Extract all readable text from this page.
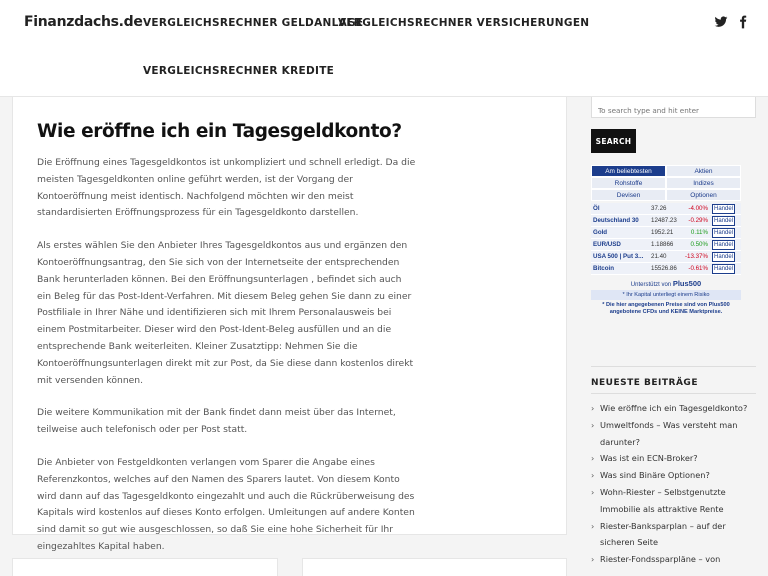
Finanzdachs.de VERGLEICHSRECHNER GELDANLAGE
VERGLEICHSRECHNER VERSICHERUNGEN
VERGLEICHSRECHNER KREDITE
Wie eröffne ich ein Tagesgeldkonto?

Die Eröffnung eines Tagesgeldkontos ist unkompliziert und schnell erledigt. Da die meisten Tagesgeldkonten online geführt werden, ist der Vorgang der Kontoeröffnung meist identisch. Nachfolgend möchten wir den meist standardisierten Eröffnungsprozess für ein Tagesgeldkonto darstellen.

Als erstes wählen Sie den Anbieter Ihres Tagesgeldkontos aus und ergänzen den Kontoeröffnungsantrag, den Sie sich von der Internetseite der entsprechenden Bank herunterladen können. Bei den Eröffnungsunterlagen , befindet sich auch ein Beleg für das Post-Ident-Verfahren. Mit diesem Beleg gehen Sie dann zu einer Postfiliale in Ihrer Nähe und identifizieren sich mit Ihrem Personalausweis bei einem Postmitarbeiter. Dieser wird den Post-Ident-Beleg ausfüllen und an die entsprechende Bank weiterleiten. Kleiner Zusatztipp: Nehmen Sie die Kontoeröffnungsunterlagen direkt mit zur Post, da Sie diese dann kostenlos direkt mit versenden können.

Die weitere Kommunikation mit der Bank findet dann meist über das Internet, teilweise auch telefonisch oder per Post statt.

Die Anbieter von Festgeldkonten verlangen vom Sparer die Angabe eines Referenzkontos, welches auf den Namen des Sparers lautet. Von diesem Konto wird dann auf das Tagesgeldkonto eingezahlt und auch die Rückrüberweisung des Kapitals wird kostenlos auf dieses Konto erfolgen. Umleitungen auf andere Konten sind damit so gut wie ausgeschlossen, so daß Sie eine hohe Sicherheit für Ihr eingezahltes Kapital haben.

To search type and hit enter
SEARCH
Am beliebtesten	Aktien
Rohstoffe	Indizes
Devisen	Optionen
Öl	37.26	-4.00% Handel
Deutschland 30	12487.23	-0.29% Handel
Gold	1952.21	0.11% Handel
EUR/USD	1.18866	0.50% Handel
USA 500 | Put 3...	21.40	-13.37% Handel
Bitcoin	15526.86	-0.61% Handel
Unterstützt von Plus500
* Ihr Kapital unterliegt einem Risiko
* Die hier angegebenen Preise sind von Plus500 angebotene CFDs und KEINE Marktpreise.
NEUESTE BEITRÄGE
› Wie eröffne ich ein Tagesgeldkonto?
› Umweltfonds – Was versteht man darunter?
› Was ist ein ECN-Broker?
› Was sind Binäre Optionen?
› Wohn-Riester – Selbstgenutzte Immobilie als attraktive Rente
› Riester-Banksparplan – auf der sicheren Seite
› Riester-Fondssparpläne – von
